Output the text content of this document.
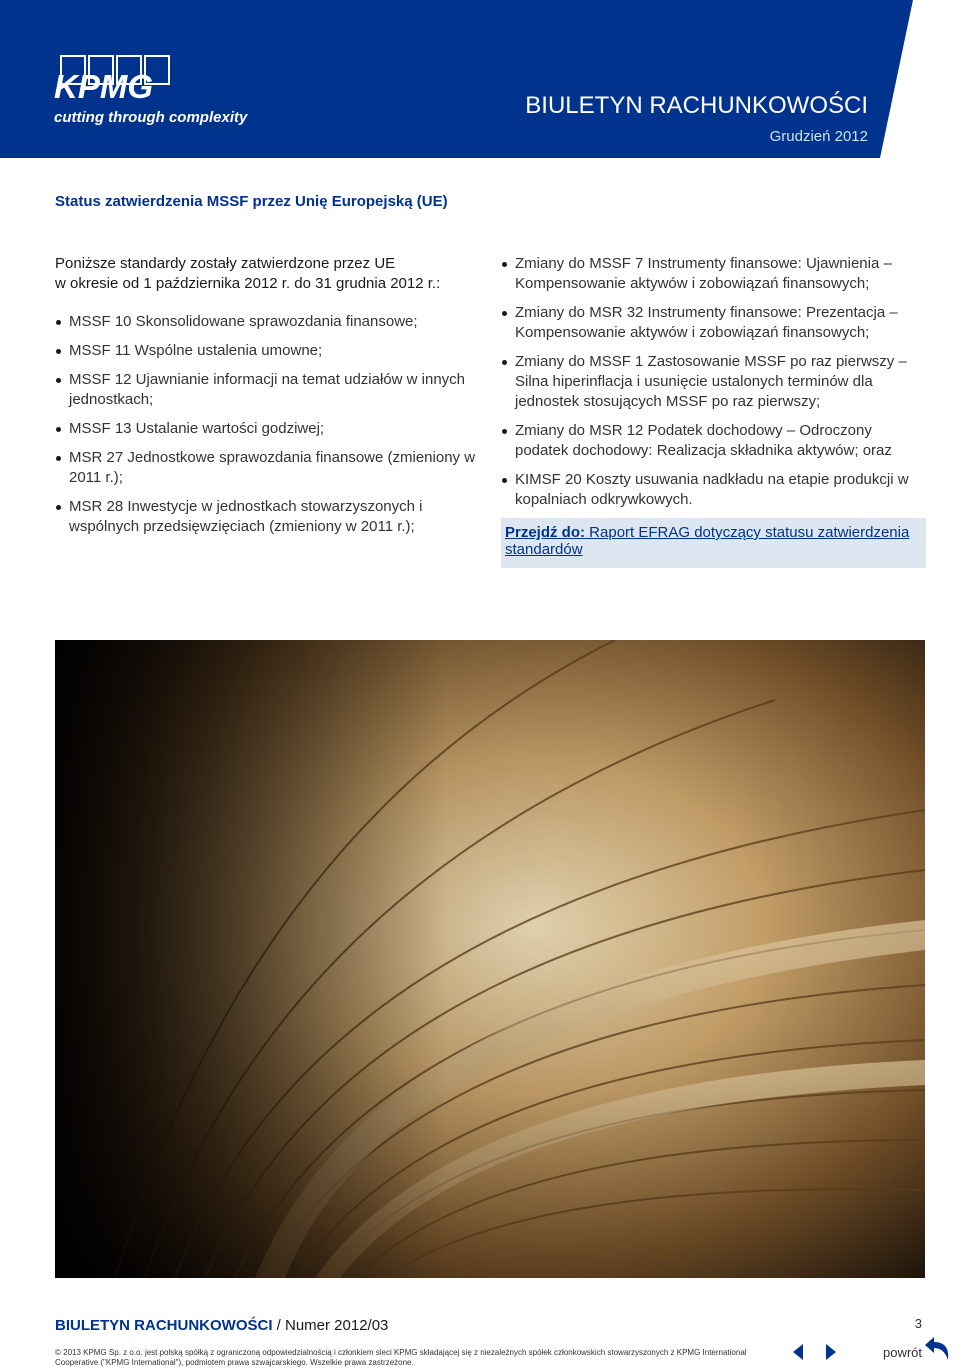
KPMG
cutting through complexity	BIULETYN RACHUNKOWOŚCI
Grudzień 2012
Status zatwierdzenia MSSF przez Unię Europejską (UE)
Poniższe standardy zostały zatwierdzone przez UE
w okresie od 1 października 2012 r. do 31 grudnia 2012 r.:
MSSF 10 Skonsolidowane sprawozdania finansowe;
MSSF 11 Wspólne ustalenia umowne;
MSSF 12 Ujawnianie informacji na temat udziałów w innych jednostkach;
MSSF 13 Ustalanie wartości godziwej;
MSR 27 Jednostkowe sprawozdania finansowe (zmieniony w 2011 r.);
MSR 28 Inwestycje w jednostkach stowarzyszonych i wspólnych przedsięwzięciach (zmieniony w 2011 r.);
Zmiany do MSSF 7 Instrumenty finansowe: Ujawnienia – Kompensowanie aktywów i zobowiązań finansowych;
Zmiany do MSR 32 Instrumenty finansowe: Prezentacja – Kompensowanie aktywów i zobowiązań finansowych;
Zmiany do MSSF 1 Zastosowanie MSSF po raz pierwszy – Silna hiperinflacja i usunięcie ustalonych terminów dla jednostek stosujących MSSF po raz pierwszy;
Zmiany do MSR 12 Podatek dochodowy – Odroczony podatek dochodowy: Realizacja składnika aktywów; oraz
KIMSF 20 Koszty usuwania nadkładu na etapie produkcji w kopalniach odkrywkowych.
Przejdź do: Raport EFRAG dotyczący statusu zatwierdzenia standardów
BIULETYN RACHUNKOWOŚCI / Numer 2012/03	3
© 2013 KPMG Sp. z o.o. jest polską spółką z ograniczoną odpowiedzialnością i członkiem sieci KPMG składającej się z niezależnych spółek członkowskich stowarzyszonych z KPMG International Cooperative ("KPMG International"), podmiotem prawa szwajcarskiego. Wszelkie prawa zastrzeżone.
powrót
